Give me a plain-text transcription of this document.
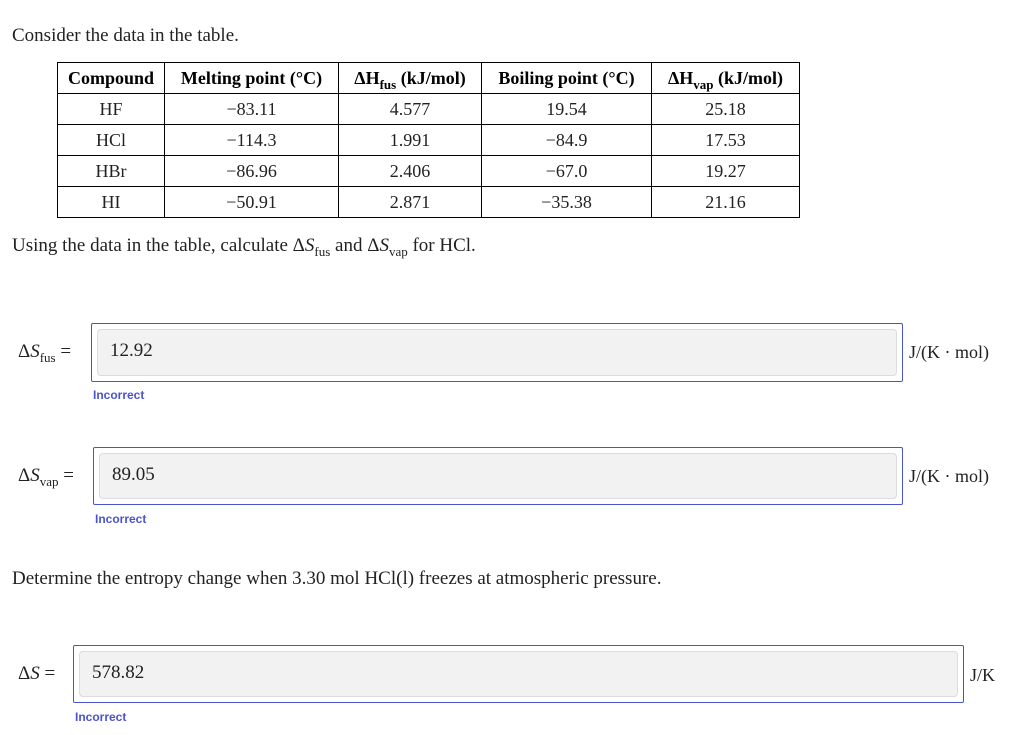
Consider the data in the table.
Compound	Melting point (°C)	$\Delta H_{fus}$ (kJ/mol)	Boiling point (°C)	$\Delta H_{vap}$ (kJ/mol)
HF	−83.11	4.577	19.54	25.18
HCl	−114.3	1.991	−84.9	17.53
HBr	−86.96	2.406	−67.0	19.27
HI	−50.91	2.871	−35.38	21.16
Using the data in the table, calculate $\Delta S_{fus}$ and $\Delta S_{vap}$ for HCl.
$\Delta S_{fus}$ =	12.92	J/(K · mol)
Incorrect
$\Delta S_{vap}$ =	89.05	J/(K · mol)
Incorrect
Determine the entropy change when 3.30 mol HCl(l) freezes at atmospheric pressure.
ΔS =	578.82	J/K
Incorrect
